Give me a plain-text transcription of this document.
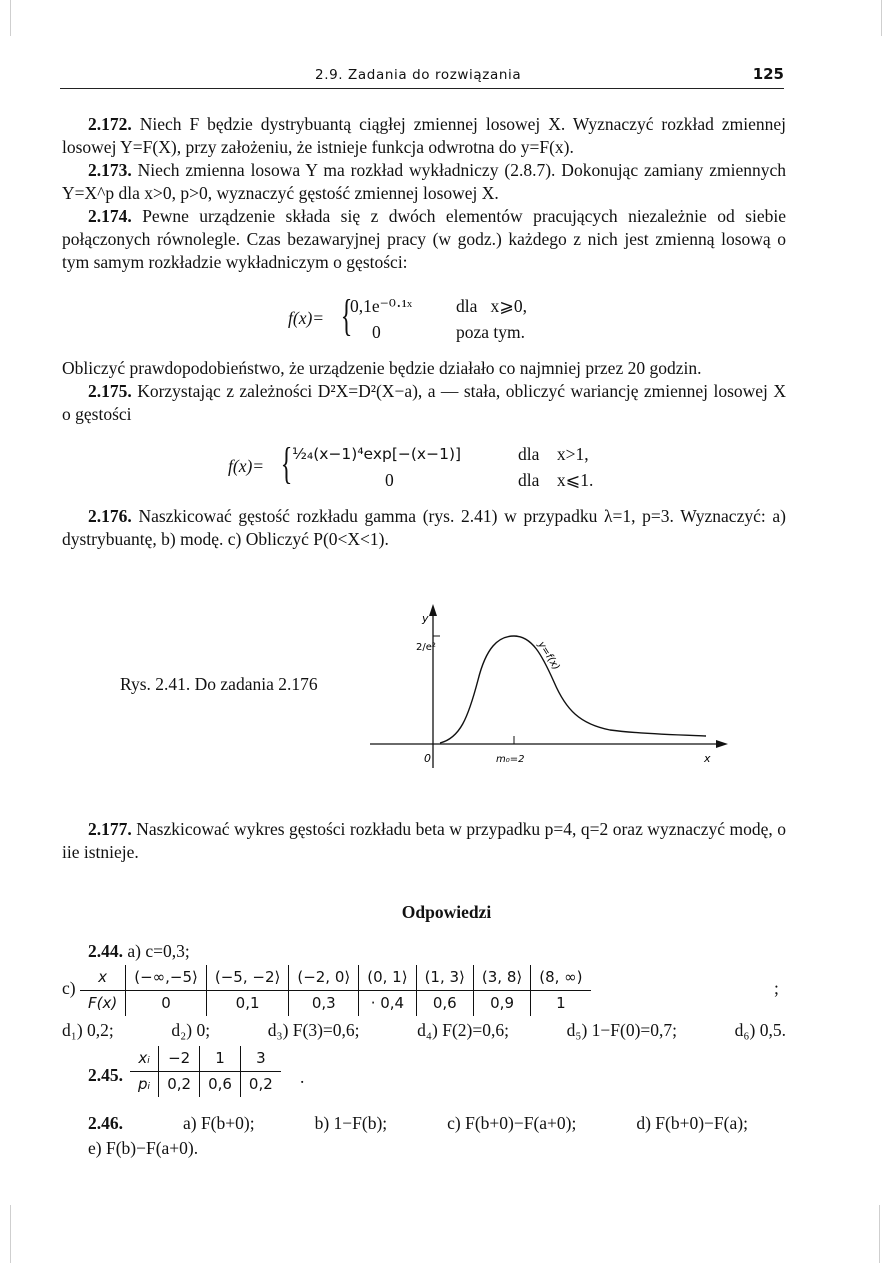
2.9. Zadania do rozwiązania	125

2.172. Niech F będzie dystrybuantą ciągłej zmiennej losowej X. Wyznaczyć rozkład zmiennej losowej Y=F(X), przy założeniu, że istnieje funkcja odwrotna do y=F(x).

2.173. Niech zmienna losowa Y ma rozkład wykładniczy (2.8.7). Dokonując zamiany zmiennych Y=X^p dla x>0, p>0, wyznaczyć gęstość zmiennej losowej X.

2.174. Pewne urządzenie składa się z dwóch elementów pracujących niezależnie od siebie połączonych równolegle. Czas bezawaryjnej pracy (w godz.) każdego z nich jest zmienną losową o tym samym rozkładzie wykładniczym o gęstości:

f(x)= {
0,1e⁻⁰·¹ˣ	dla   x⩾0,
0	poza tym.

Obliczyć prawdopodobieństwo, że urządzenie będzie działało co najmniej przez 20 godzin.

2.175. Korzystając z zależności D²X=D²(X−a), a — stała, obliczyć wariancję zmiennej losowej X o gęstości

f(x)= { ¹⁄₂₄(x−1)⁴exp[−(x−1)]	dla    x>1,
0	dla    x⩽1.

2.176. Naszkicować gęstość rozkładu gamma (rys. 2.41) w przypadku λ=1, p=3. Wyznaczyć: a) dystrybuantę, b) modę. c) Obliczyć P(0<X<1).

Rys. 2.41. Do zadania 2.176
y
2/e²
0	m₀=2	x
y=f(x)

2.177. Naszkicować wykres gęstości rozkładu beta w przypadku p=4, q=2 oraz wyznaczyć modę, o iie istnieje.

Odpowiedzi
2.44. a) c=0,3;
c)
x	(−∞,−5⟩	(−5, −2⟩	(−2, 0⟩	(0, 1⟩	(1, 3⟩	(3, 8⟩	(8, ∞)
F(x)	0	0,1	0,3	· 0,4	0,6	0,9	1
;
d₁) 0,2;	d₂) 0;	d₃) F(3)=0,6;	d₄) F(2)=0,6;	d₅) 1−F(0)=0,7;	d₆) 0,5.
2.45.
xᵢ	−2	1	3
pᵢ	0,2	0,6	0,2 .
2.46.	a) F(b+0);	b) 1−F(b);	c) F(b+0)−F(a+0);	d) F(b+0)−F(a);
e) F(b)−F(a+0).
